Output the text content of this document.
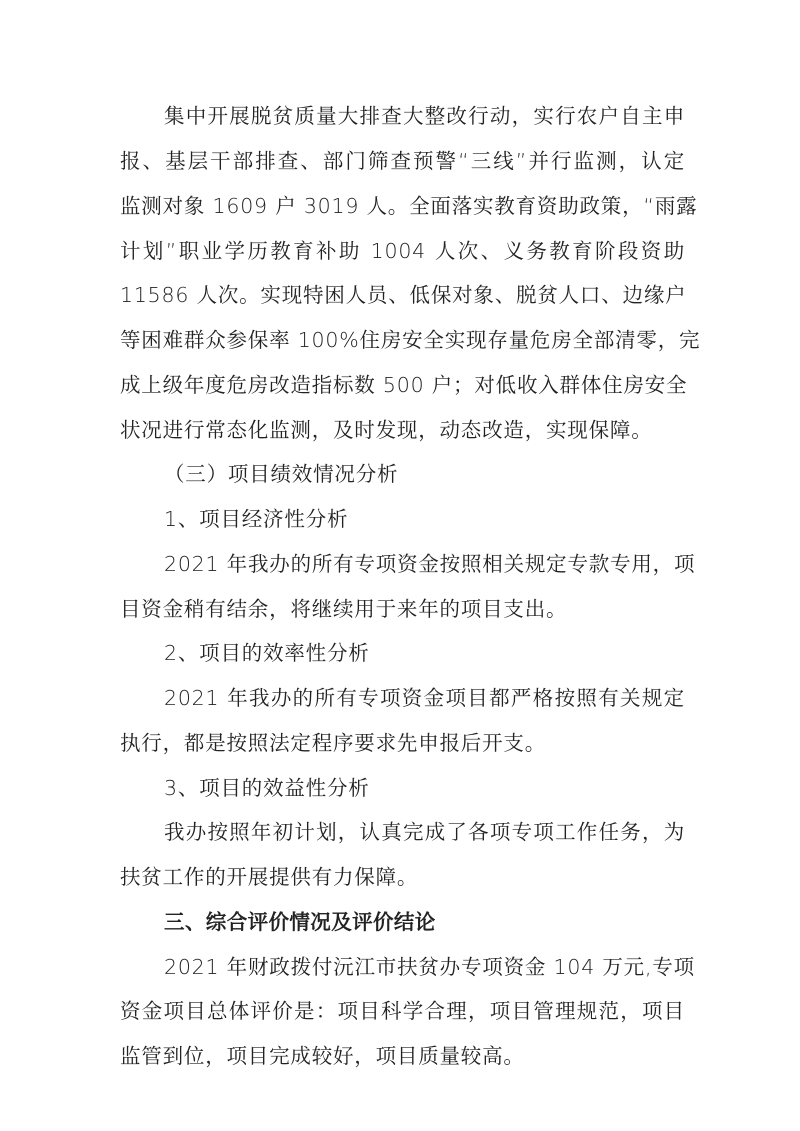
集中开展脱贫质量大排查大整改行动，实行农户自主申
报、基层干部排查、部门筛查预警“三线”并行监测，认定
监测对象 1609 户 3019 人。全面落实教育资助政策，“雨露
计划”职业学历教育补助 1004 人次、义务教育阶段资助
11586 人次。实现特困人员、低保对象、脱贫人口、边缘户
等困难群众参保率 100%住房安全实现存量危房全部清零，完
成上级年度危房改造指标数 500 户；对低收入群体住房安全
状况进行常态化监测，及时发现，动态改造，实现保障。
（三）项目绩效情况分析
1、项目经济性分析
2021 年我办的所有专项资金按照相关规定专款专用，项
目资金稍有结余，将继续用于来年的项目支出。
2、项目的效率性分析
2021 年我办的所有专项资金项目都严格按照有关规定
执行，都是按照法定程序要求先申报后开支。
3、项目的效益性分析
我办按照年初计划，认真完成了各项专项工作任务，为
扶贫工作的开展提供有力保障。
三、综合评价情况及评价结论
2021 年财政拨付沅江市扶贫办专项资金 104 万元,专项
资金项目总体评价是：项目科学合理，项目管理规范，项目
监管到位，项目完成较好，项目质量较高。
